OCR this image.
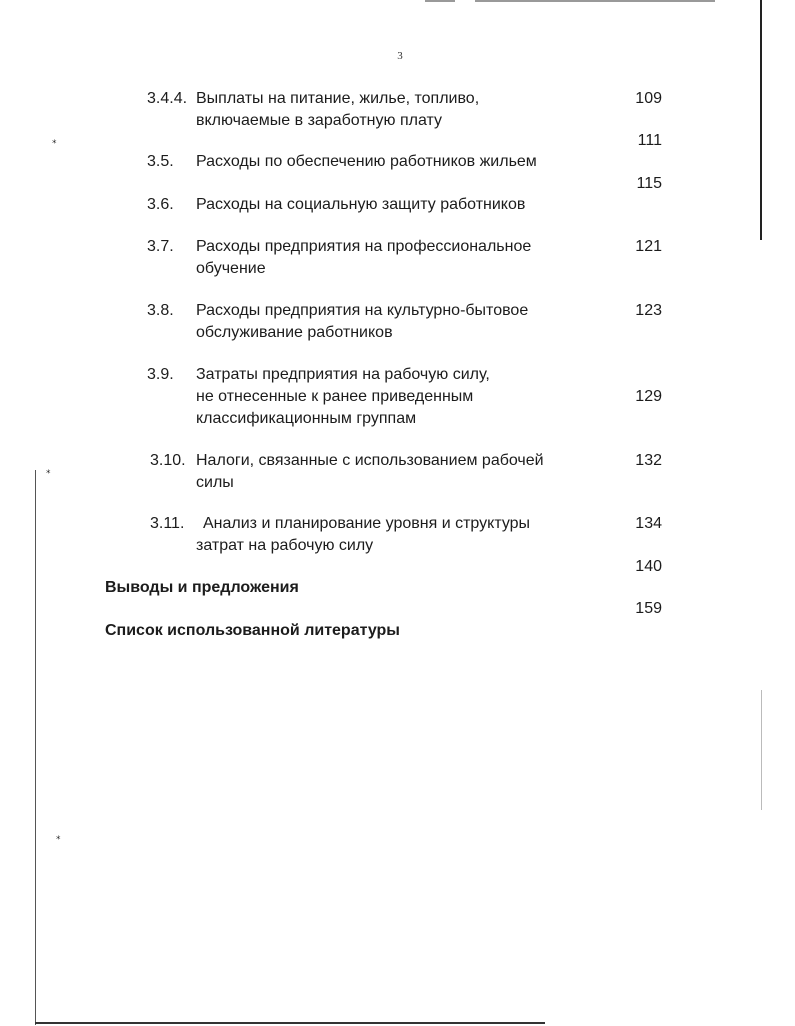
⁎
⁎
⁎
3
3.4.4. Выплаты на питание, жилье, топливо,
включаемые в заработную плату
109
111
3.5. Расходы по обеспечению работников жильем
115
3.6. Расходы на социальную защиту работников
3.7. Расходы предприятия на профессиональное
обучение
121
3.8. Расходы предприятия на культурно-бытовое
обслуживание работников
123
3.9. Затраты предприятия на рабочую силу,
не отнесенные к ранее приведенным
классификационным группам
129
3.10. Налоги, связанные с использованием рабочей
силы
132
3.11. Анализ и планирование уровня и структуры
затрат на рабочую силу
134
140
Выводы и предложения
159
Список использованной литературы
